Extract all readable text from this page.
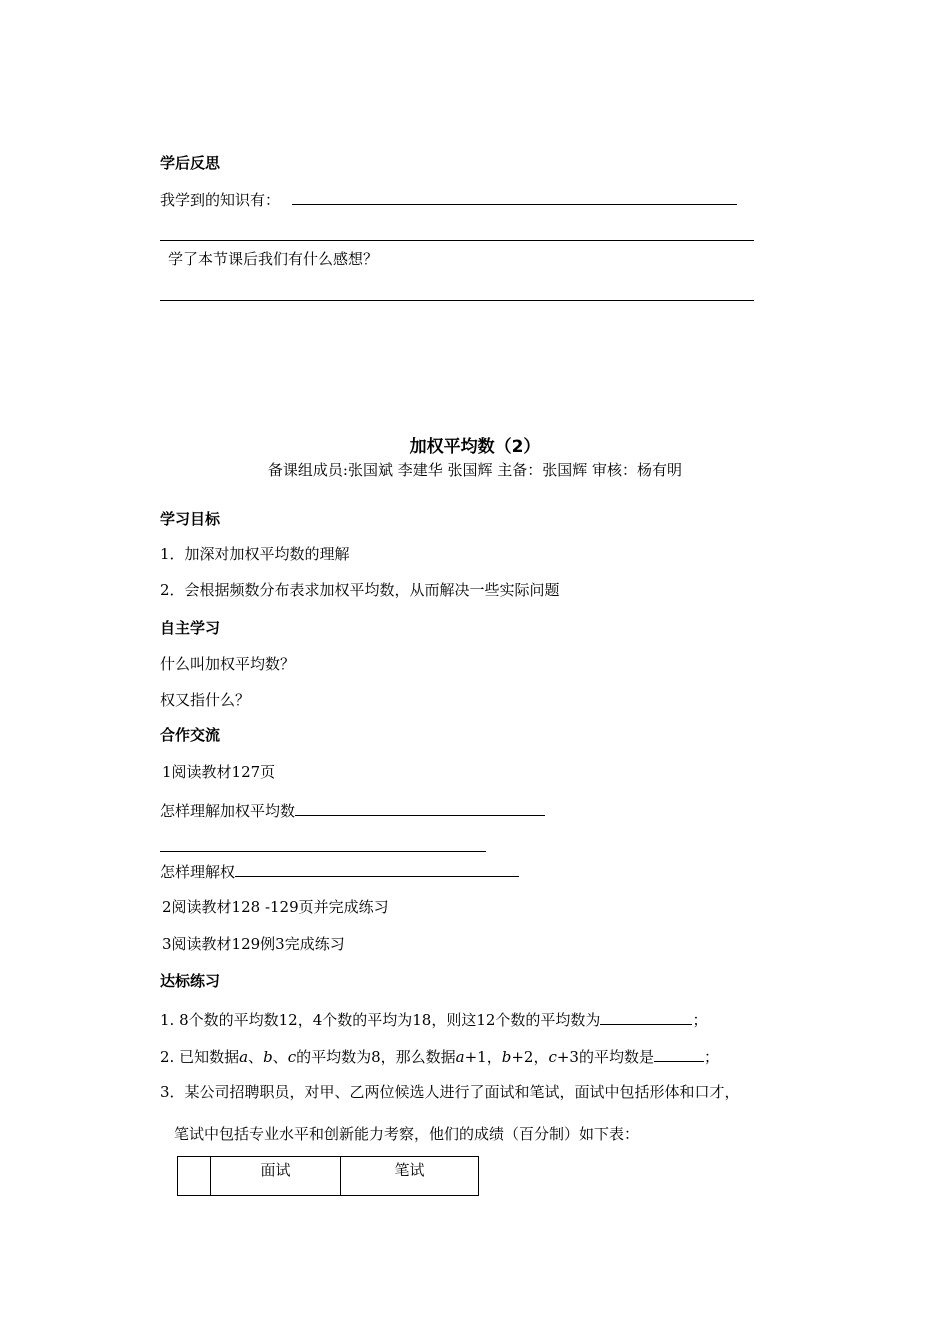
学后反思
我学到的知识有：
学了本节课后我们有什么感想？
加权平均数（2）
备课组成员:张国斌 李建华 张国辉 主备：张国辉 审核：杨有明
学习目标
1．加深对加权平均数的理解
2．会根据频数分布表求加权平均数，从而解决一些实际问题
自主学习
什么叫加权平均数？
权又指什么？
合作交流
1阅读教材127页
怎样理解加权平均数
怎样理解权
2阅读教材128 -129页并完成练习
3阅读教材129例3完成练习
达标练习
1. 8个数的平均数12，4个数的平均为18，则这12个数的平均数为	；
2. 已知数据a、b、c的平均数为8，那么数据a+1，b+2，c+3的平均数是	；
3．某公司招聘职员，对甲、乙两位候选人进行了面试和笔试，面试中包括形体和口才，
笔试中包括专业水平和创新能力考察，他们的成绩（百分制）如下表：
	面试	笔试
